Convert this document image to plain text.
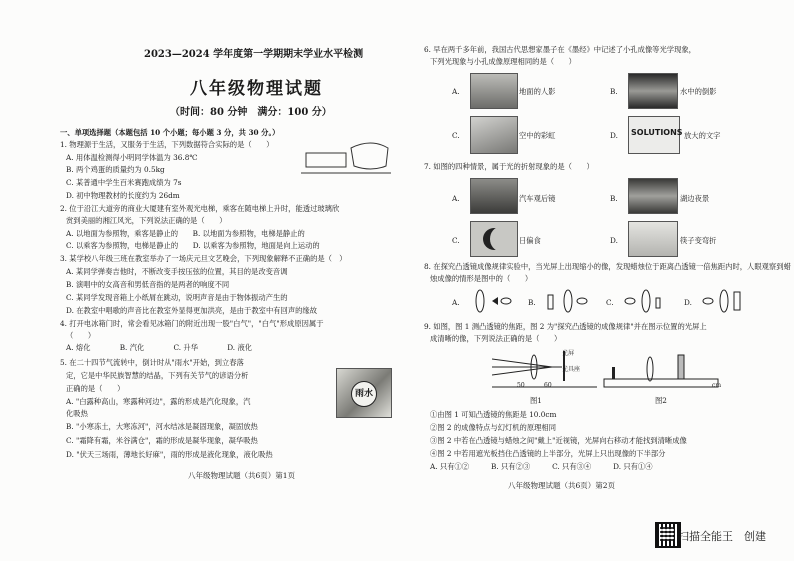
2023—2024 学年度第一学期期末学业水平检测
八年级物理试题
（时间：80 分钟　满分：100 分）
一、单项选择题（本题包括 10 个小题；每小题 3 分，共 30 分。）
1. 物理源于生活，又服务于生活，下列数据符合实际的是（　　）
A. 用体温检测得小明同学体温为 36.8℃
B. 两个鸡蛋的质量约为 0.5kg
C. 某普通中学生百米赛跑成绩为 7s
D. 初中物理教材的长度约为 26dm
2. 位于沿江大道旁的商业大厦建有室外观光电梯，乘客在随电梯上升时，能透过玻璃欣
赏到美丽的湘江风光，下列说法正确的是（　　）
A. 以地面为参照物，乘客是静止的　　B. 以地面为参照物，电梯是静止的
C. 以乘客为参照物，电梯是静止的　　D. 以乘客为参照物，地面是向上运动的
3. 某学校八年级三班在教室举办了一场庆元旦文艺晚会，下列现象解释不正确的是（　）
A. 某同学弹奏吉他时，不断改变手按压弦的位置，其目的是改变音调
B. 演唱中的女高音和男低音指的是两者的响度不同
C. 某同学发现音箱上小纸屑在跳动，说明声音是由于物体振动产生的
D. 在教室中唱歌的声音比在教室外显得更加洪亮，是由于教室中有回声的缘故
4. 打开电冰箱门时，常会看见冰箱门的附近出现一股"白气"，"白气"形成原因属于
（　　）
A. 熔化　　　　B. 汽化　　　　C. 升华　　　　D. 液化
5. 在二十四节气流转中，倒计时从"雨水"开始，到立春落
定，它是中华民族智慧的结晶，下列有关节气的谚语分析
正确的是（　　）
A. "白露种高山，寒露种河边"，露的形成是汽化现象，汽
化吸热
B. "小寒冻土，大寒冻河"，河水结冰是凝固现象，凝固放热
C. "霜降有霜，米谷满仓"，霜的形成是凝华现象，凝华吸热
D. "伏天三场雨，薄地长好麻"，雨的形成是液化现象，液化吸热
雨水
八年级物理试题（共6页）第1页
6. 早在两千多年前，我国古代思想家墨子在《墨经》中记述了小孔成像等光学现象，
下列光现象与小孔成像原理相同的是（　　）
A.	地面的人影	B.	水中的倒影
C.	空中的彩虹	D. SOLUTIONS 放大的文字
7. 如图的四种情景，属于光的折射现象的是（　　）
A.	汽车观后镜	B.	湖边夜景
C.	日偏食	D.	筷子变弯折
8. 在探究凸透镜成像规律实验中，当光屏上出现缩小的像，发现蜡烛位于距离凸透镜一倍焦距内时，人眼观察到蜡
烛成像的情形是图中的（　　）
A.	B.	C.	D.
9. 如图，图 1 测凸透镜的焦距，图 2 为"探究凸透镜的成像规律"并在图示位置的光屏上
成清晰的像，下列说法正确的是（　　）
光屏
光具座
50	60
图1
cm
图2
①由图 1 可知凸透镜的焦距是 10.0cm
②图 2 的成像特点与幻灯机的原理相同
③图 2 中若在凸透镜与蜡烛之间"戴上"近视镜，光屏向右移动才能找到清晰成像
④图 2 中若用遮光板挡住凸透镜的上半部分，光屏上只出现像的下半部分
A. 只有①②　　　B. 只有②③　　　C. 只有③④　　　D. 只有①④
八年级物理试题（共6页）第2页
扫描全能王　创建
